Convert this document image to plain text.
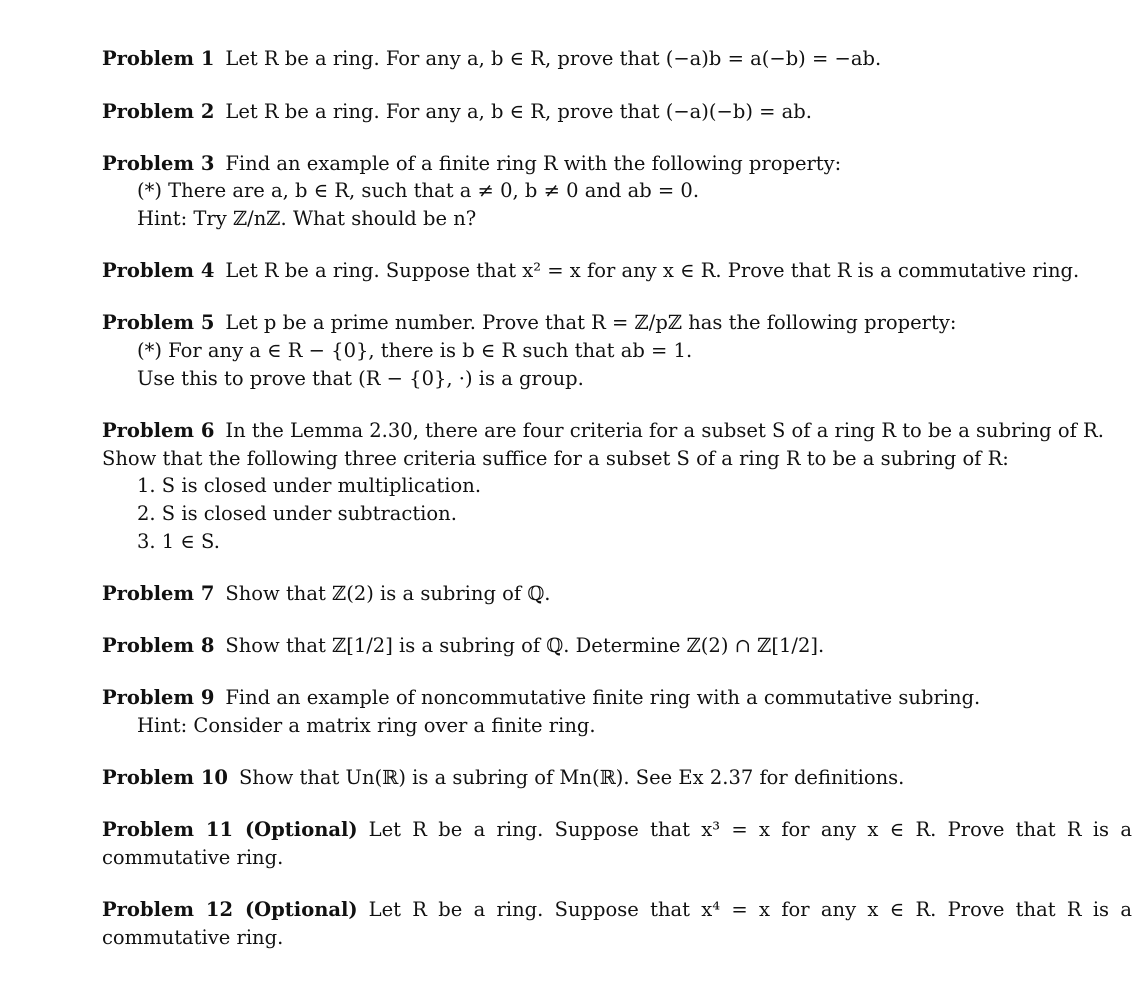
Problem 1 Let R be a ring. For any a, b ∈ R, prove that (−a)b = a(−b) = −ab.
Problem 2 Let R be a ring. For any a, b ∈ R, prove that (−a)(−b) = ab.
Problem 3 Find an example of a finite ring R with the following property:
(*) There are a, b ∈ R, such that a ≠ 0, b ≠ 0 and ab = 0.
Hint: Try ℤ/nℤ. What should be n?
Problem 4 Let R be a ring. Suppose that x² = x for any x ∈ R. Prove that R is a commutative ring.
Problem 5 Let p be a prime number. Prove that R = ℤ/pℤ has the following property:
(*) For any a ∈ R − {0}, there is b ∈ R such that ab = 1.
Use this to prove that (R − {0}, ·) is a group.
Problem 6 In the Lemma 2.30, there are four criteria for a subset S of a ring R to be a subring of R.
Show that the following three criteria suffice for a subset S of a ring R to be a subring of R:
1. S is closed under multiplication.
2. S is closed under subtraction.
3. 1 ∈ S.
Problem 7 Show that ℤ(2) is a subring of ℚ.
Problem 8 Show that ℤ[1/2] is a subring of ℚ. Determine ℤ(2) ∩ ℤ[1/2].
Problem 9 Find an example of noncommutative finite ring with a commutative subring.
Hint: Consider a matrix ring over a finite ring.
Problem 10 Show that Un(ℝ) is a subring of Mn(ℝ). See Ex 2.37 for definitions.
Problem 11 (Optional) Let R be a ring. Suppose that x³ = x for any x ∈ R. Prove that R is a
commutative ring.
Problem 12 (Optional) Let R be a ring. Suppose that x⁴ = x for any x ∈ R. Prove that R is a
commutative ring.
